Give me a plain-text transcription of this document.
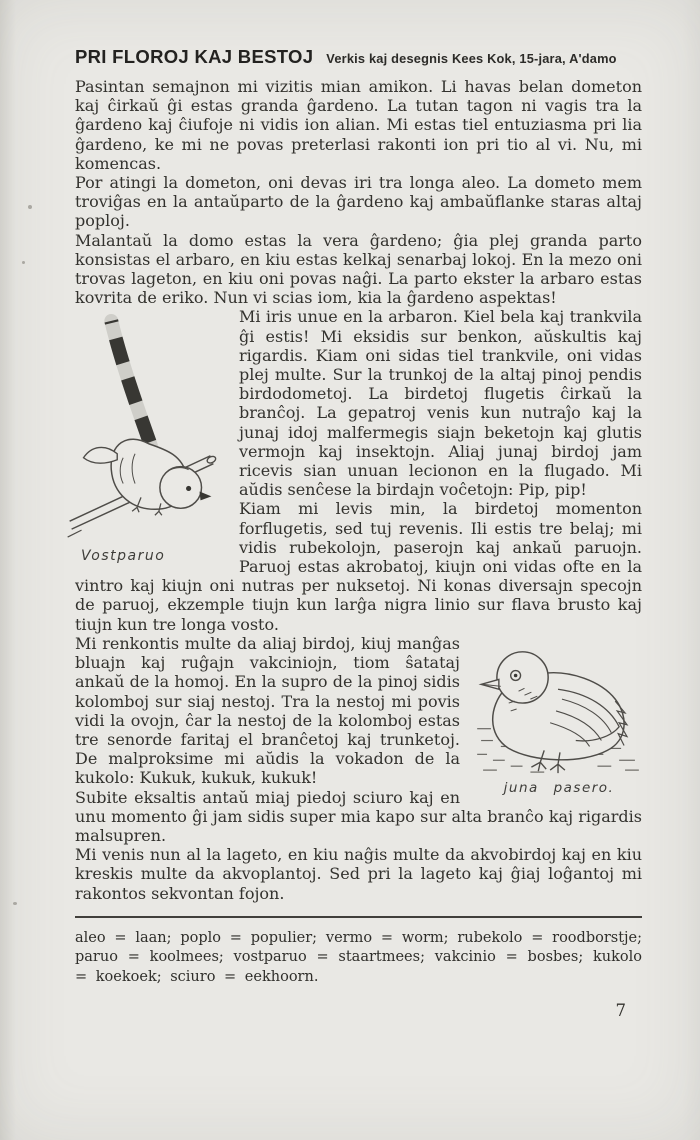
PRI FLOROJ KAJ BESTOJ Verkis kaj desegnis Kees Kok, 15-jara, A'damo

Pasintan semajnon mi vizitis mian amikon. Li havas belan dometon kaj ĉirkaŭ ĝi estas granda ĝardeno. La tutan tagon ni vagis tra la ĝardeno kaj ĉiufoje ni vidis ion alian. Mi estas tiel entuziasma pri lia ĝardeno, ke mi ne povas preterlasi rakonti ion pri tio al vi. Nu, mi komencas.

Por atingi la dometon, oni devas iri tra longa aleo. La dometo mem troviĝas en la antaŭparto de la ĝardeno kaj ambaŭflanke staras altaj poploj.

Malantaŭ la domo estas la vera ĝardeno; ĝia plej granda parto konsistas el arbaro, en kiu estas kelkaj senarbaj lokoj. En la mezo oni trovas lageton, en kiu oni povas naĝi. La parto ekster la arbaro estas kovrita de eriko. Nun vi scias iom, kia la ĝardeno aspektas!

Vostparuo

Mi iris unue en la arbaron. Kiel bela kaj trankvila ĝi estis! Mi eksidis sur benkon, aŭskultis kaj rigardis. Kiam oni sidas tiel trankvile, oni vidas plej multe. Sur la trunkoj de la altaj pinoj pendis birdodometoj. La birdetoj flugetis ĉirkaŭ la branĉoj. La gepatroj venis kun nutraĵo kaj la junaj idoj malfermegis siajn beketojn kaj glutis vermojn kaj insektojn. Aliaj junaj birdoj jam ricevis sian unuan lecionon en la flugado. Mi aŭdis senĉese la birdajn voĉetojn: Pip, pip!

Kiam mi levis min, la birdetoj momenton forflugetis, sed tuj revenis. Ili estis tre belaj; mi vidis rubekolojn, paserojn kaj ankaŭ paruojn. Paruoj estas akrobatoj, kiujn oni vidas ofte en la vintro kaj kiujn oni nutras per nuksetoj. Ni konas diversajn specojn de paruoj, ekzemple tiujn kun larĝa nigra linio sur flava brusto kaj tiujn kun tre longa vosto.

juna pasero.

Mi renkontis multe da aliaj birdoj, kiuj manĝas bluajn kaj ruĝajn vakciniojn, tiom ŝatataj ankaŭ de la homoj. En la supro de la pinoj sidis kolomboj sur siaj nestoj. Tra la nestoj mi povis vidi la ovojn, ĉar la nestoj de la kolomboj estas tre senorde faritaj el branĉetoj kaj trunketoj. De malproksime mi aŭdis la vokadon de la kukolo: Kukuk, kukuk, kukuk!

Subite eksaltis antaŭ miaj piedoj sciuro kaj en unu momento ĝi jam sidis super mia kapo sur alta branĉo kaj rigardis malsupren.

Mi venis nun al la lageto, en kiu naĝis multe da akvobirdoj kaj en kiu kreskis multe da akvoplantoj. Sed pri la lageto kaj ĝiaj loĝantoj mi rakontos sekvontan fojon.

aleo = laan; poplo = populier; vermo = worm; rubekolo = roodborstje; paruo = koolmees; vostparuo = staartmees; vakcinio = bosbes; kukolo = koekoek; sciuro = eekhoorn.

7
